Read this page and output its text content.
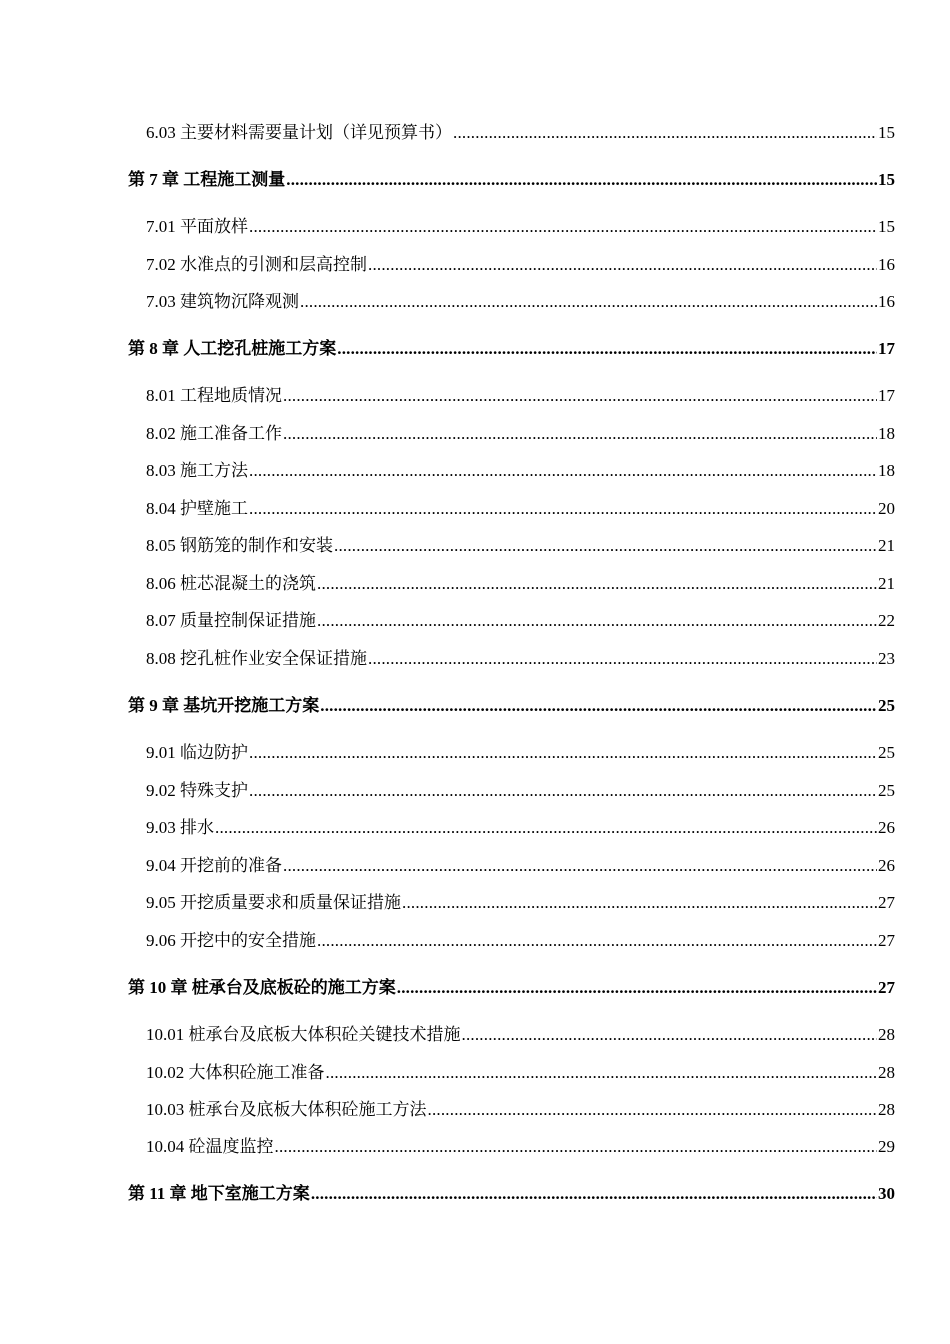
6.03 主要材料需要量计划（详见预算书） .....	15
第 7 章 工程施工测量 .....	15
7.01 平面放样 .....	15
7.02 水准点的引测和层高控制 .....	16
7.03 建筑物沉降观测 .....	16
第 8 章 人工挖孔桩施工方案 .....	17
8.01 工程地质情况 .....	17
8.02 施工准备工作 .....	18
8.03 施工方法 .....	18
8.04 护壁施工 .....	20
8.05 钢筋笼的制作和安装 .....	21
8.06 桩芯混凝土的浇筑 .....	21
8.07 质量控制保证措施 .....	22
8.08 挖孔桩作业安全保证措施 .....	23
第 9 章 基坑开挖施工方案 .....	25
9.01 临边防护 .....	25
9.02 特殊支护 .....	25
9.03 排水 .....	26
9.04 开挖前的准备 .....	26
9.05 开挖质量要求和质量保证措施 .....	27
9.06 开挖中的安全措施 .....	27
第 10 章 桩承台及底板砼的施工方案 .....	27
10.01 桩承台及底板大体积砼关键技术措施 .....	28
10.02 大体积砼施工准备 .....	28
10.03 桩承台及底板大体积砼施工方法 .....	28
10.04 砼温度监控 .....	29
第 11 章 地下室施工方案 .....	30
